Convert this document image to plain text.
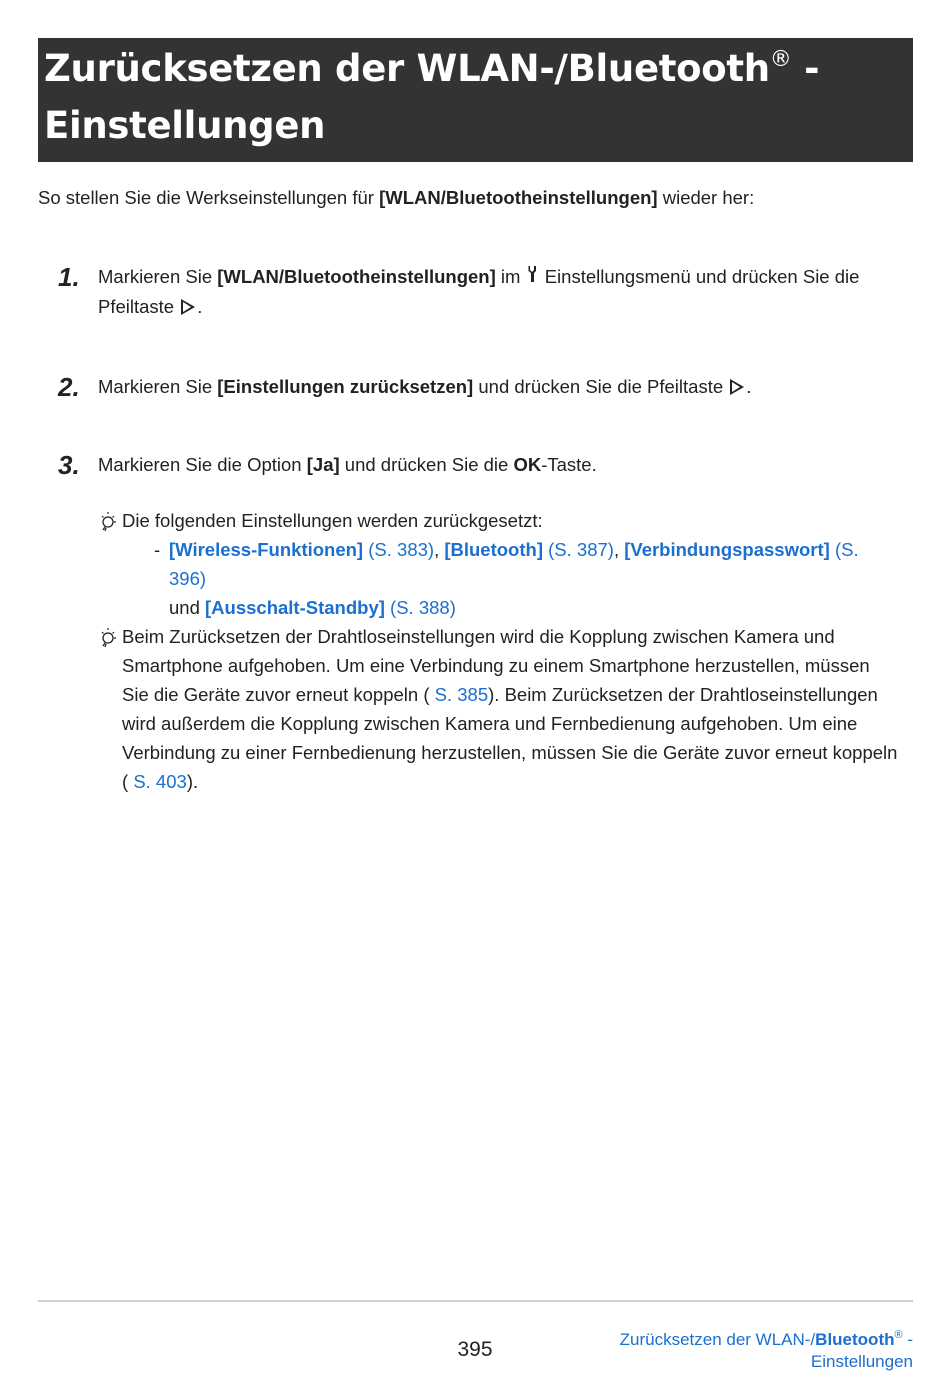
Zurücksetzen der WLAN-/Bluetooth® -
Einstellungen
So stellen Sie die Werkseinstellungen für [WLAN/Bluetootheinstellungen] wieder her:
1. Markieren Sie [WLAN/Bluetootheinstellungen] im  Einstellungsmenü und drücken Sie die Pfeiltaste .
2. Markieren Sie [Einstellungen zurücksetzen] und drücken Sie die Pfeiltaste .
3. Markieren Sie die Option [Ja] und drücken Sie die OK-Taste.
Die folgenden Einstellungen werden zurückgesetzt:
- [Wireless-Funktionen] (S. 383), [Bluetooth] (S. 387), [Verbindungspasswort] (S. 396)
und [Ausschalt-Standby] (S. 388)
Beim Zurücksetzen der Drahtloseinstellungen wird die Kopplung zwischen Kamera und Smartphone aufgehoben. Um eine Verbindung zu einem Smartphone herzustellen, müssen Sie die Geräte zuvor erneut koppeln ( S. 385). Beim Zurücksetzen der Drahtloseinstellungen wird außerdem die Kopplung zwischen Kamera und Fernbedienung aufgehoben. Um eine Verbindung zu einer Fernbedienung herzustellen, müssen Sie die Geräte zuvor erneut koppeln ( S. 403).
395	Zurücksetzen der WLAN-/Bluetooth® -
Einstellungen
